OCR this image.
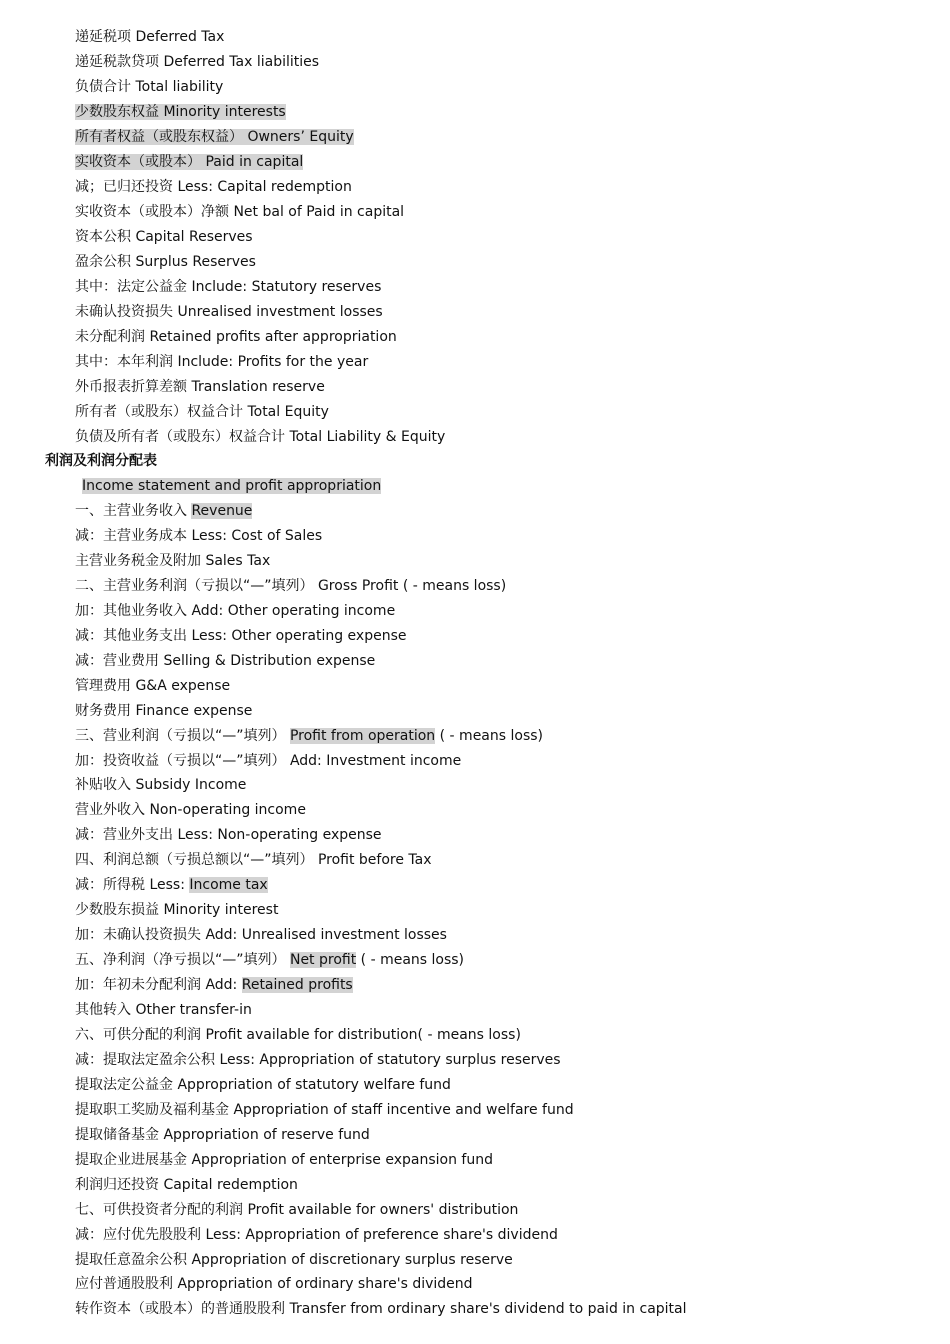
递延税项 Deferred Tax
递延税款贷项 Deferred Tax liabilities
负债合计 Total liability
少数股东权益 Minority interests
所有者权益（或股东权益） Owners’ Equity
实收资本（或股本） Paid in capital
减；已归还投资 Less: Capital redemption
实收资本（或股本）净额 Net bal of Paid in capital
资本公积 Capital Reserves
盈余公积 Surplus Reserves
其中：法定公益金 Include: Statutory reserves
未确认投资损失 Unrealised investment losses
未分配利润 Retained profits after appropriation
其中：本年利润 Include: Profits for the year
外币报表折算差额 Translation reserve
所有者（或股东）权益合计 Total Equity
负债及所有者（或股东）权益合计 Total Liability & Equity
利润及利润分配表
Income statement and profit appropriation
一、主营业务收入 Revenue
减：主营业务成本 Less: Cost of Sales
主营业务税金及附加 Sales Tax
二、主营业务利润（亏损以“—”填列） Gross Profit ( - means loss)
加：其他业务收入 Add: Other operating income
减：其他业务支出 Less: Other operating expense
减：营业费用 Selling & Distribution expense
管理费用 G&A expense
财务费用 Finance expense
三、营业利润（亏损以“—”填列） Profit from operation ( - means loss)
加：投资收益（亏损以“—”填列） Add: Investment income
补贴收入 Subsidy Income
营业外收入 Non-operating income
减：营业外支出 Less: Non-operating expense
四、利润总额（亏损总额以“—”填列） Profit before Tax
减：所得税 Less: Income tax
少数股东损益 Minority interest
加：未确认投资损失 Add: Unrealised investment losses
五、净利润（净亏损以“—”填列） Net profit ( - means loss)
加：年初未分配利润 Add: Retained profits
其他转入 Other transfer-in
六、可供分配的利润 Profit available for distribution( - means loss)
减：提取法定盈余公积 Less: Appropriation of statutory surplus reserves
提取法定公益金 Appropriation of statutory welfare fund
提取职工奖励及福利基金 Appropriation of staff incentive and welfare fund
提取储备基金 Appropriation of reserve fund
提取企业进展基金 Appropriation of enterprise expansion fund
利润归还投资 Capital redemption
七、可供投资者分配的利润 Profit available for owners' distribution
减：应付优先股股利 Less: Appropriation of preference share's dividend
提取任意盈余公积 Appropriation of discretionary surplus reserve
应付普通股股利 Appropriation of ordinary share's dividend
转作资本（或股本）的普通股股利 Transfer from ordinary share's dividend to paid in capital
